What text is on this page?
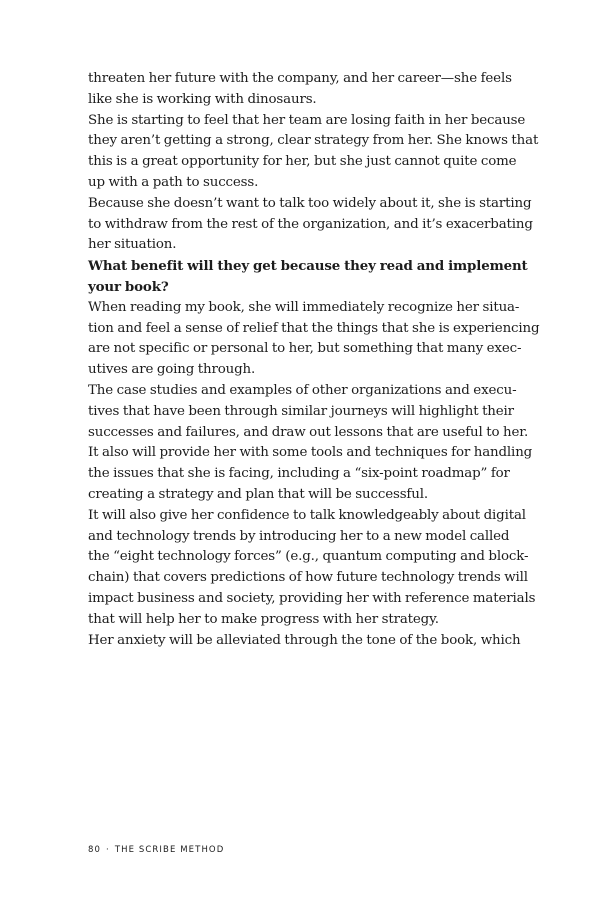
threaten her future with the company, and her career—she feels
like she is working with dinosaurs.

She is starting to feel that her team are losing faith in her because
they aren’t getting a strong, clear strategy from her. She knows that
this is a great opportunity for her, but she just cannot quite come
up with a path to success.

Because she doesn’t want to talk too widely about it, she is starting
to withdraw from the rest of the organization, and it’s exacerbating
her situation.

What benefit will they get because they read and implement
your book?

When reading my book, she will immediately recognize her situa-
tion and feel a sense of relief that the things that she is experiencing
are not specific or personal to her, but something that many exec-
utives are going through.

The case studies and examples of other organizations and execu-
tives that have been through similar journeys will highlight their
successes and failures, and draw out lessons that are useful to her.

It also will provide her with some tools and techniques for handling
the issues that she is facing, including a “six-point roadmap” for
creating a strategy and plan that will be successful.

It will also give her confidence to talk knowledgeably about digital
and technology trends by introducing her to a new model called
the “eight technology forces” (e.g., quantum computing and block-
chain) that covers predictions of how future technology trends will
impact business and society, providing her with reference materials
that will help her to make progress with her strategy.

Her anxiety will be alleviated through the tone of the book, which

80 · THE SCRIBE METHOD
